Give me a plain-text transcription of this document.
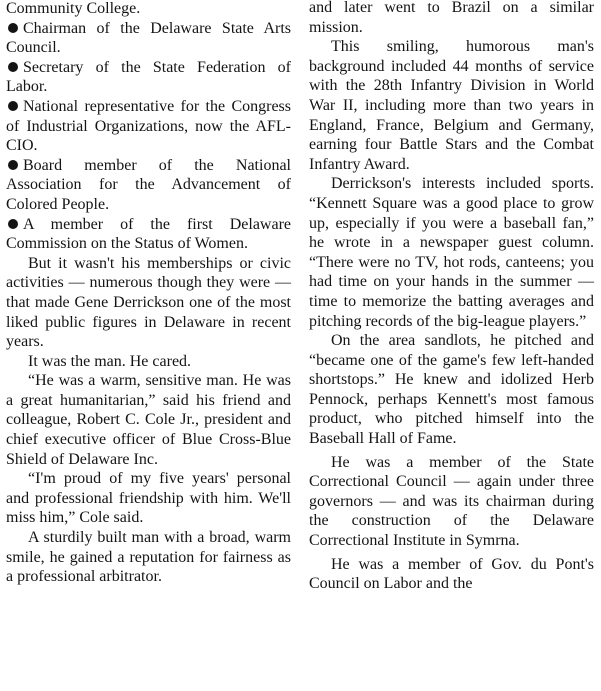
Community College.

Chairman of the Delaware State Arts Council.

Secretary of the State Federation of Labor.

National representative for the Congress of Industrial Organizations, now the AFL-CIO.

Board member of the National Association for the Advancement of Colored People.

A member of the first Delaware Commission on the Status of Women.

But it wasn't his memberships or civic activities — numerous though they were — that made Gene Derrickson one of the most liked public figures in Delaware in recent years.

It was the man. He cared.

“He was a warm, sensitive man. He was a great humanitarian,” said his friend and colleague, Robert C. Cole Jr., president and chief executive officer of Blue Cross-Blue Shield of Delaware Inc.

“I'm proud of my five years' personal and professional friendship with him. We'll miss him,” Cole said.

A sturdily built man with a broad, warm smile, he gained a reputation for fairness as a professional arbitrator.

and later went to Brazil on a similar mission.

This smiling, humorous man's background included 44 months of service with the 28th Infantry Division in World War II, including more than two years in England, France, Belgium and Germany, earning four Battle Stars and the Combat Infantry Award.

Derrickson's interests included sports. “Kennett Square was a good place to grow up, especially if you were a baseball fan,” he wrote in a newspaper guest column. “There were no TV, hot rods, canteens; you had time on your hands in the summer — time to memorize the batting averages and pitching records of the big-league players.”

On the area sandlots, he pitched and “became one of the game's few left-handed shortstops.” He knew and idolized Herb Pennock, perhaps Kennett's most famous product, who pitched himself into the Baseball Hall of Fame.

He was a member of the State Correctional Council — again under three governors — and was its chairman during the construction of the Delaware Correctional Institute in Symrna.

He was a member of Gov. du Pont's Council on Labor and the
